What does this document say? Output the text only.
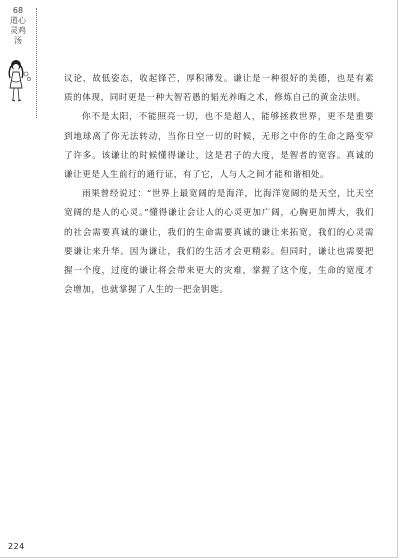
68
道心灵鸡汤

议论，故低姿态，收起锋芒，厚积薄发。谦让是一种很好的美德，也是有素质的体现，同时更是一种大智若愚的韬光养晦之术，修炼自己的黄金法则。

你不是太阳，不能照亮一切，也不是超人，能够拯救世界，更不是重要到地球离了你无法转动，当你日空一切的时候，无形之中你的生命之路变窄了许多。该谦让的时候懂得谦让，这是君子的大度，是智者的宽容。真诚的谦让更是人生前行的通行证，有了它，人与人之间才能和谐相处。

雨果曾经说过：“世界上最宽阔的是海洋，比海洋宽阔的是天空，比天空宽阔的是人的心灵。”懂得谦让会让人的心灵更加广阔，心胸更加博大，我们的社会需要真诚的谦让，我们的生命需要真诚的谦让来拓宽，我们的心灵需要谦让来升华。因为谦让，我们的生活才会更精彩。但同时，谦让也需要把握一个度，过度的谦让将会带来更大的灾难，掌握了这个度，生命的宽度才会增加，也就掌握了人生的一把金钥匙。

224
